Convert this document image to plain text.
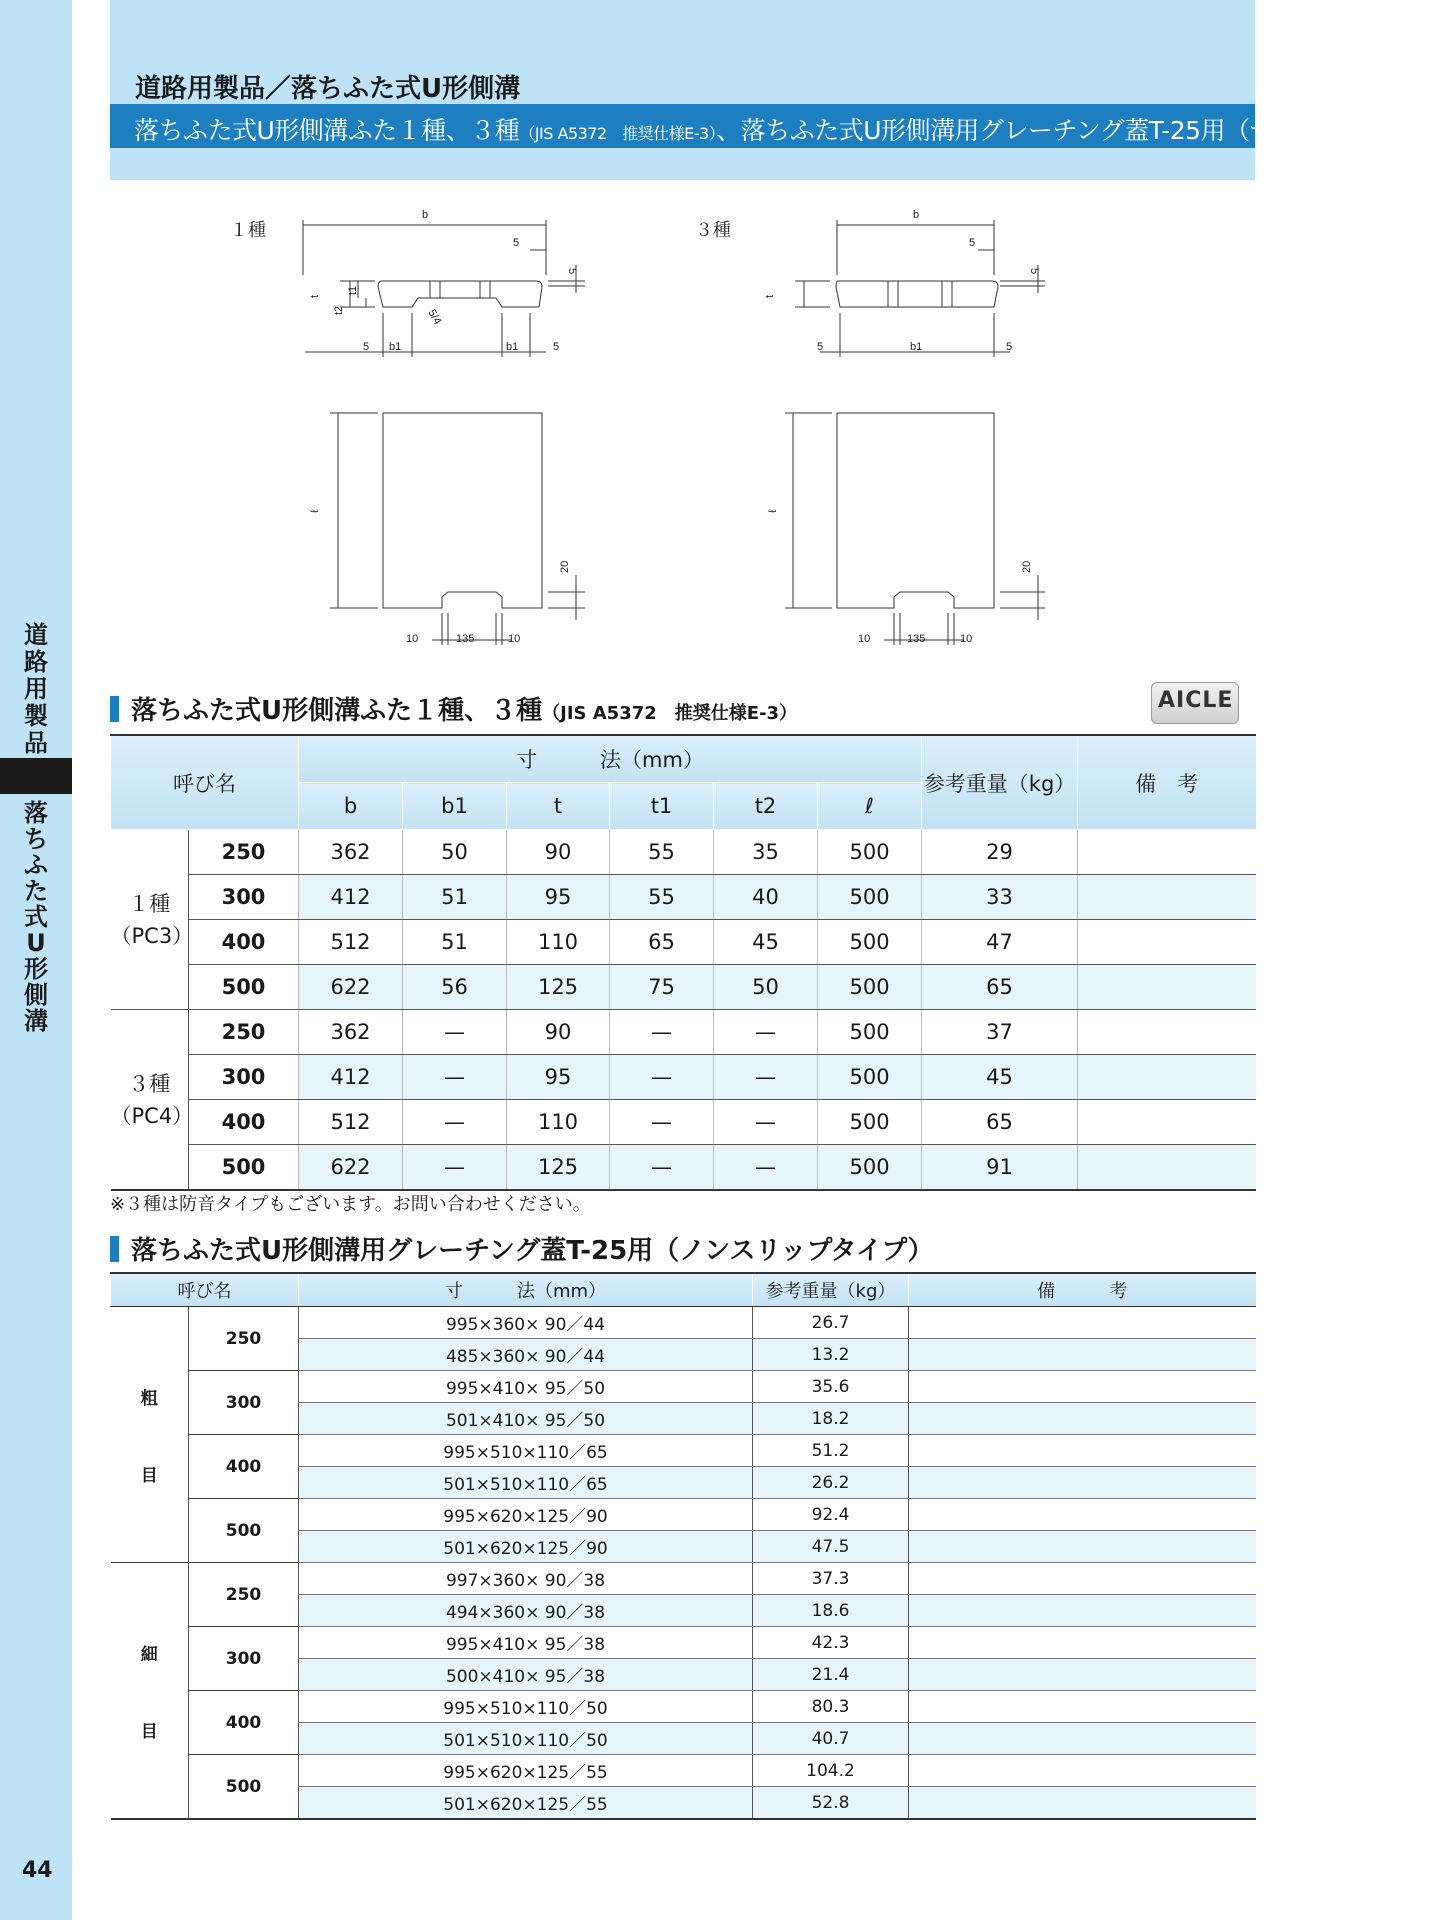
道路用製品
落ちふた式U形側溝
44
道路用製品／落ちふた式U形側溝
落ちふた式U形側溝ふた１種、３種（JIS A5372　推奨仕様E-3）、落ちふた式U形側溝用グレーチング蓋T-25用（ザラザラタイプ）
１種	３種
b
5
5
t
t1
t2	5/4
5 b1	b1	5
b
5
5
t
5	b1	5
ℓ
20
10	135	10
ℓ
20
10	135	10
落ちふた式U形側溝ふた１種、３種（JIS A5372　推奨仕様E-3）
AICLE
呼び名		寸　　　法（mm）						参考重量（kg）	備　考
		b	b1	t	t1	t2	ℓ		

１種
（PC3）	250	362	50	90	55	35	500	29	
	300	412	51	95	55	40	500	33	
	400	512	51	110	65	45	500	47	
	500	622	56	125	75	50	500	65	

３種
（PC4）	250	362	—	90	—	—	500	37	
	300	412	—	95	—	—	500	45	
	400	512	—	110	—	—	500	65	
	500	622	—	125	—	—	500	91	
※３種は防音タイプもございます。お問い合わせください。
落ちふた式U形側溝用グレーチング蓋T-25用（ノンスリップタイプ）
呼び名		寸　　　法（mm）	参考重量（kg）	備　　　考

粗
目	250	995×360× 90／44	26.7	
		485×360× 90／44	13.2	
	300	995×410× 95／50	35.6	
		501×410× 95／50	18.2	
	400	995×510×110／65	51.2	
		501×510×110／65	26.2	
	500	995×620×125／90	92.4	
		501×620×125／90	47.5	

細
目	250	997×360× 90／38	37.3	
		494×360× 90／38	18.6	
	300	995×410× 95／38	42.3	
		500×410× 95／38	21.4	
	400	995×510×110／50	80.3	
		501×510×110／50	40.7	
	500	995×620×125／55	104.2	
		501×620×125／55	52.8	
